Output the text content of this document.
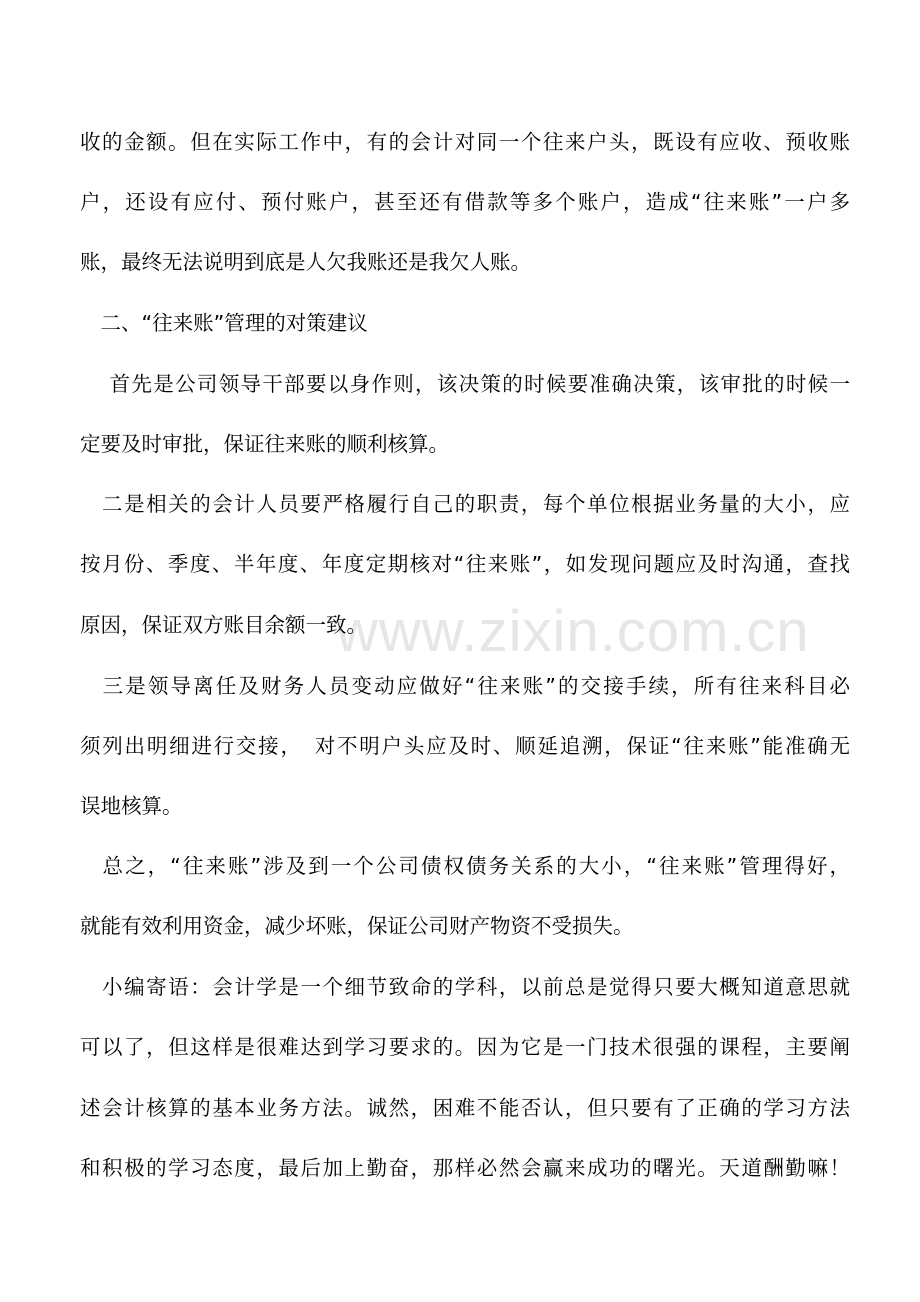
www.zixin.com.cn
收的金额。但在实际工作中，有的会计对同一个往来户头，既设有应收、预收账
户，还设有应付、预付账户，甚至还有借款等多个账户，造成“往来账”一户多
账，最终无法说明到底是人欠我账还是我欠人账。
　二、“往来账”管理的对策建议
　 首先是公司领导干部要以身作则，该决策的时候要准确决策，该审批的时候一
定要及时审批，保证往来账的顺利核算。
　二是相关的会计人员要严格履行自己的职责，每个单位根据业务量的大小，应
按月份、季度、半年度、年度定期核对“往来账”，如发现问题应及时沟通，查找
原因，保证双方账目余额一致。
　三是领导离任及财务人员变动应做好“往来账”的交接手续，所有往来科目必
须列出明细进行交接，　对不明户头应及时、顺延追溯，保证“往来账”能准确无
误地核算。
　总之，“往来账”涉及到一个公司债权债务关系的大小，“往来账”管理得好，
就能有效利用资金，减少坏账，保证公司财产物资不受损失。
　小编寄语：会计学是一个细节致命的学科，以前总是觉得只要大概知道意思就
可以了，但这样是很难达到学习要求的。因为它是一门技术很强的课程，主要阐
述会计核算的基本业务方法。诚然，困难不能否认，但只要有了正确的学习方法
和积极的学习态度，最后加上勤奋，那样必然会赢来成功的曙光。天道酬勤嘛！
